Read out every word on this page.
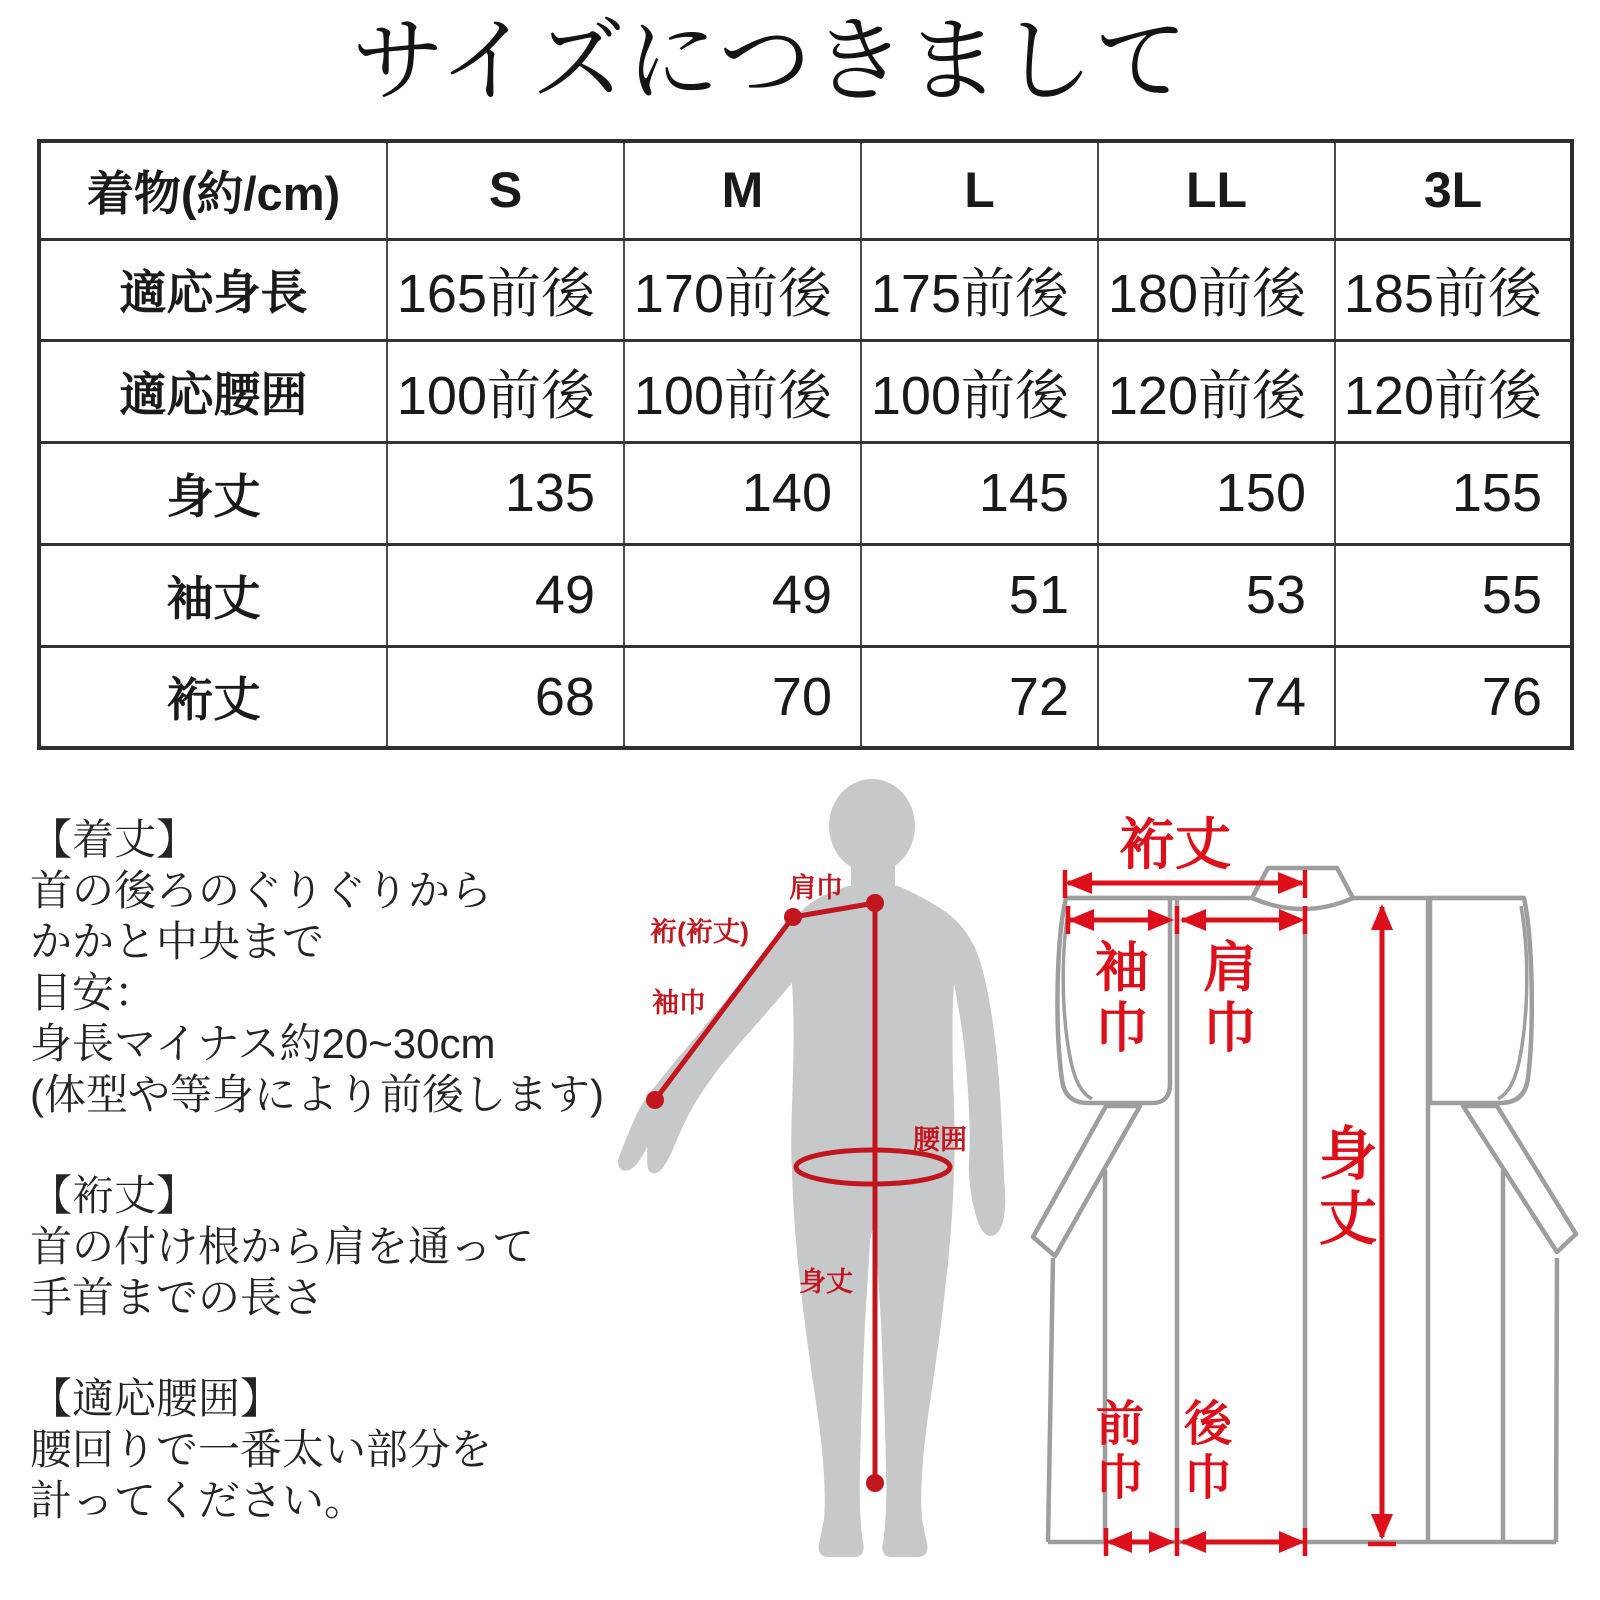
サイズにつきまして
着物(約/cm)	S	M	L	LL	3L
適応身長	165前後	170前後	175前後	180前後	185前後
適応腰囲	100前後	100前後	100前後	120前後	120前後
身丈	135	140	145	150	155
袖丈	49	49	51	53	55
裄丈	68	70	72	74	76
【着丈】
首の後ろのぐりぐりから
かかと中央まで
目安：
身長マイナス約20~30cm
(体型や等身により前後します)
【裄丈】
首の付け根から肩を通って
手首までの長さ
【適応腰囲】
腰回りで一番太い部分を
計ってください。
肩巾
裄(裄丈)
袖巾
腰囲
身丈
裄丈
袖巾
肩巾
身丈
前巾
後巾
